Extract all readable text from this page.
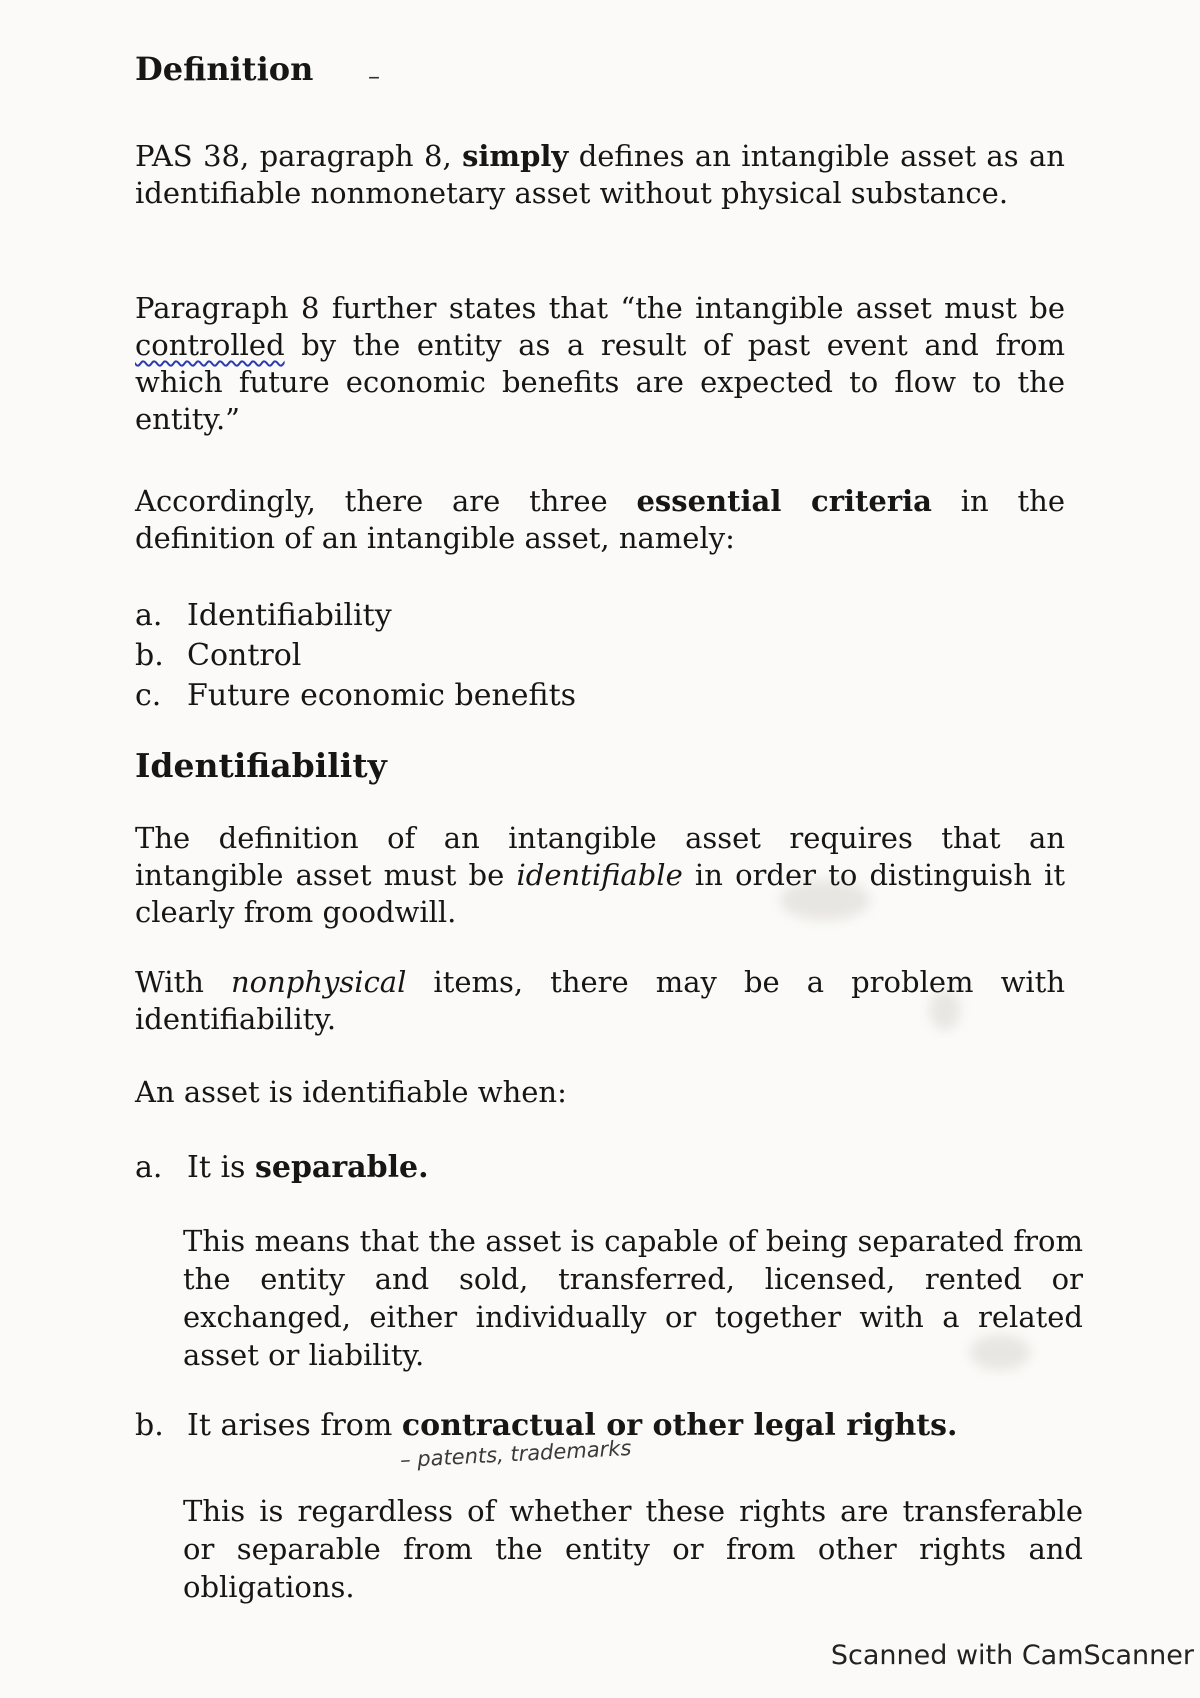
Definition	–
PAS 38, paragraph 8, simply defines an intangible asset as an identifiable nonmonetary asset without physical substance.
Paragraph 8 further states that “the intangible asset must be controlled by the entity as a result of past event and from which future economic benefits are expected to flow to the entity.”
Accordingly, there are three essential criteria in the definition of an intangible asset, namely:
a. Identifiability
b. Control
c. Future economic benefits
Identifiability
The definition of an intangible asset requires that an intangible asset must be identifiable in order to distinguish it clearly from goodwill.
With nonphysical items, there may be a problem with identifiability.
An asset is identifiable when:
a. It is separable.
This means that the asset is capable of being separated from the entity and sold, transferred, licensed, rented or exchanged, either individually or together with a related asset or liability.
b. It arises from contractual or other legal rights.
– patents, trademarks
This is regardless of whether these rights are transferable or separable from the entity or from other rights and obligations.
Scanned with CamScanner
